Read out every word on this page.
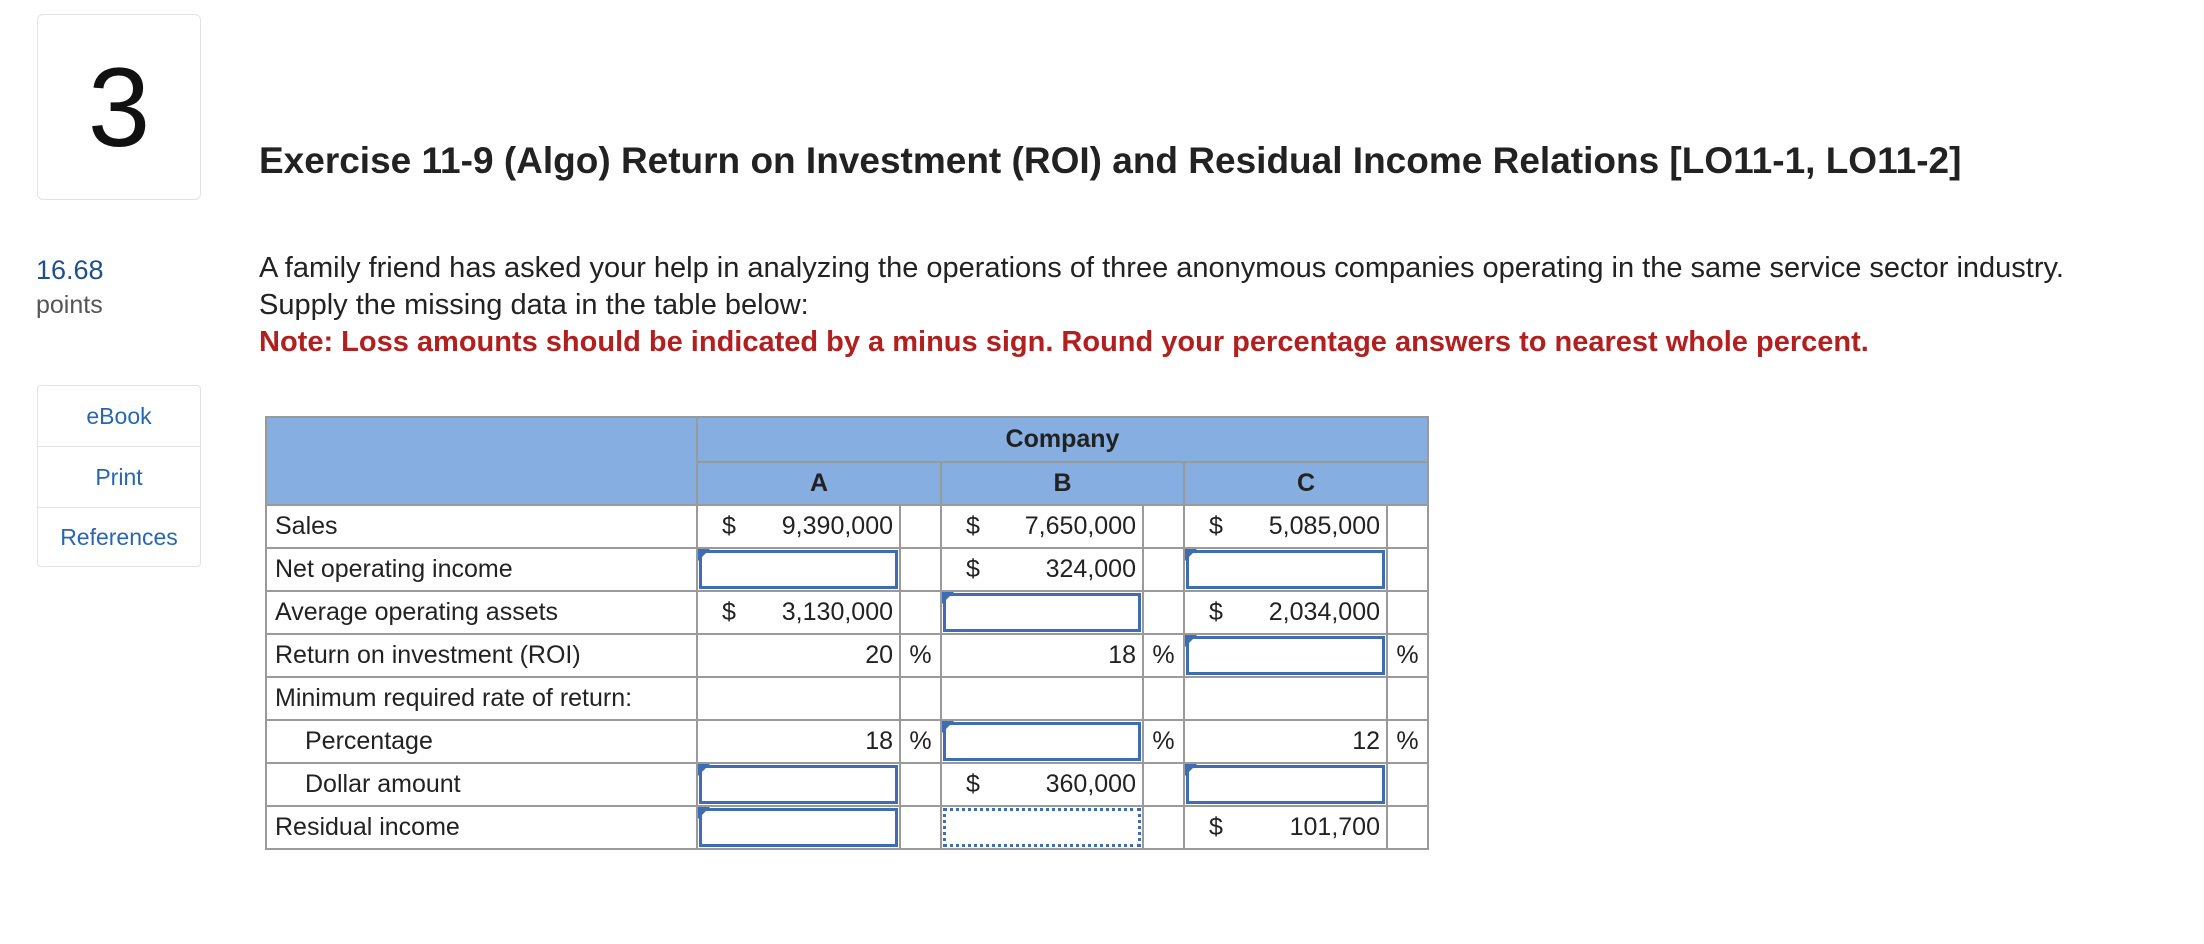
3	Exercise 11-9 (Algo) Return on Investment (ROI) and Residual Income Relations [LO11-1, LO11-2]
16.68
points
eBook
Print
References
A family friend has asked your help in analyzing the operations of three anonymous companies operating in the same service sector industry. Supply the missing data in the table below:
Note: Loss amounts should be indicated by a minus sign. Round your percentage answers to nearest whole percent.
	Company					
	A		B		C	
Sales	$ 9,390,000		$ 7,650,000		$ 5,085,000	

Net operating income			$ 324,000			

Average operating assets	$ 3,130,000				$ 2,034,000	

Return on investment (ROI)	20	%	18	%		%
Minimum required rate of return:						
Percentage	18	%		%	12	%
Dollar amount			$ 360,000			

Residual income					$ 101,700	
